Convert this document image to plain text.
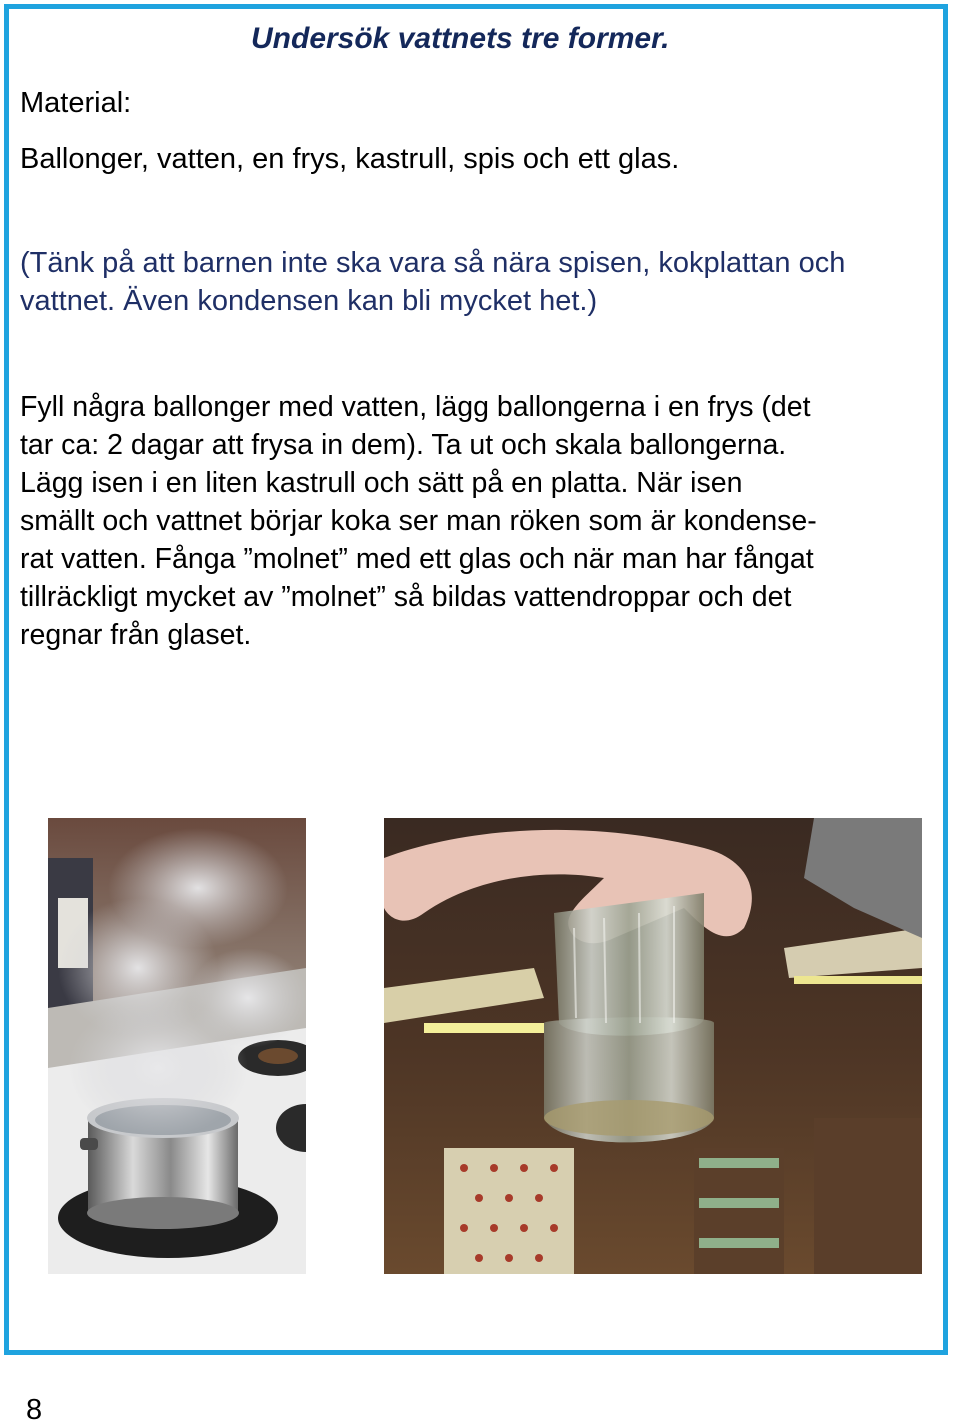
Undersök vattnets tre former.

Material:

Ballonger, vatten, en frys, kastrull, spis och ett glas.

(Tänk på att barnen inte ska vara så nära spisen, kokplattan och
vattnet. Även kondensen kan bli mycket het.)

Fyll några ballonger med vatten, lägg ballongerna i en frys (det
tar ca: 2 dagar att frysa in dem). Ta ut och skala ballongerna.
Lägg isen i en liten kastrull och sätt på en platta. När isen
smällt och vattnet börjar koka ser man röken som är kondense-
rat vatten. Fånga ”molnet” med ett glas och när man har fångat
tillräckligt mycket av ”molnet” så bildas vattendroppar och det
regnar från glaset.

8
